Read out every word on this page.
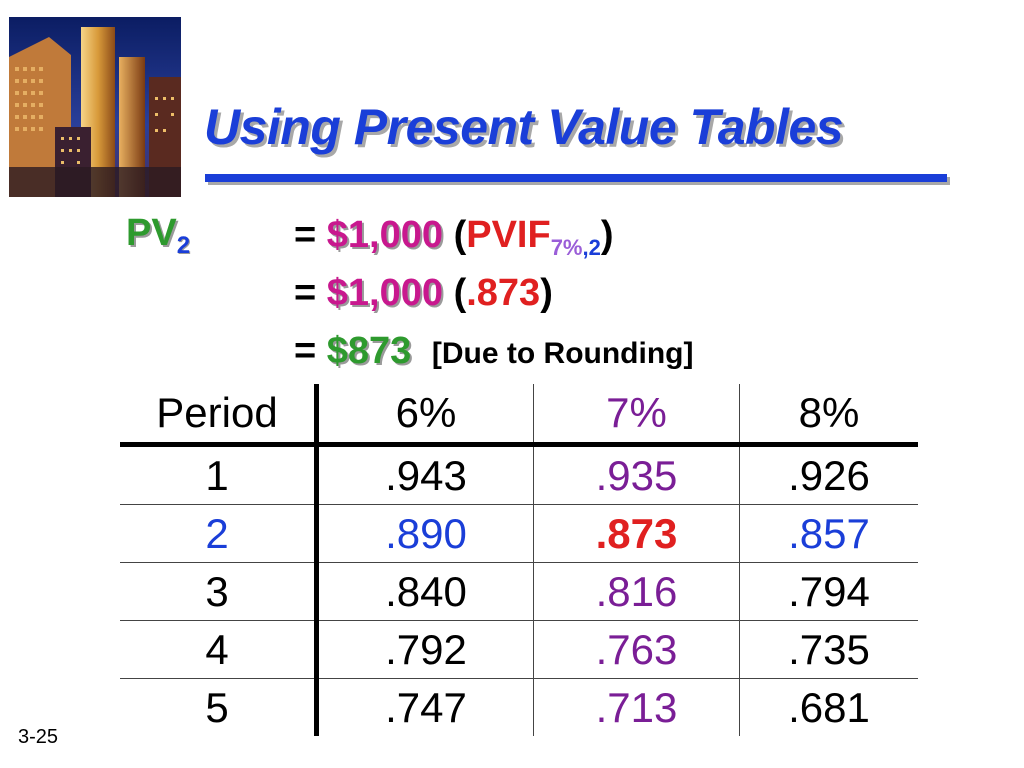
Using Present Value Tables
$PV_2$	= $1,000 $(PVIF_{7\%,2})$
= $1,000 (.873)
= $873 [Due to Rounding]
Period	6%	7%	8%
1	.943	.935	.926
2	.890	.873	.857
3	.840	.816	.794
4	.792	.763	.735
5	.747	.713	.681
3-25
